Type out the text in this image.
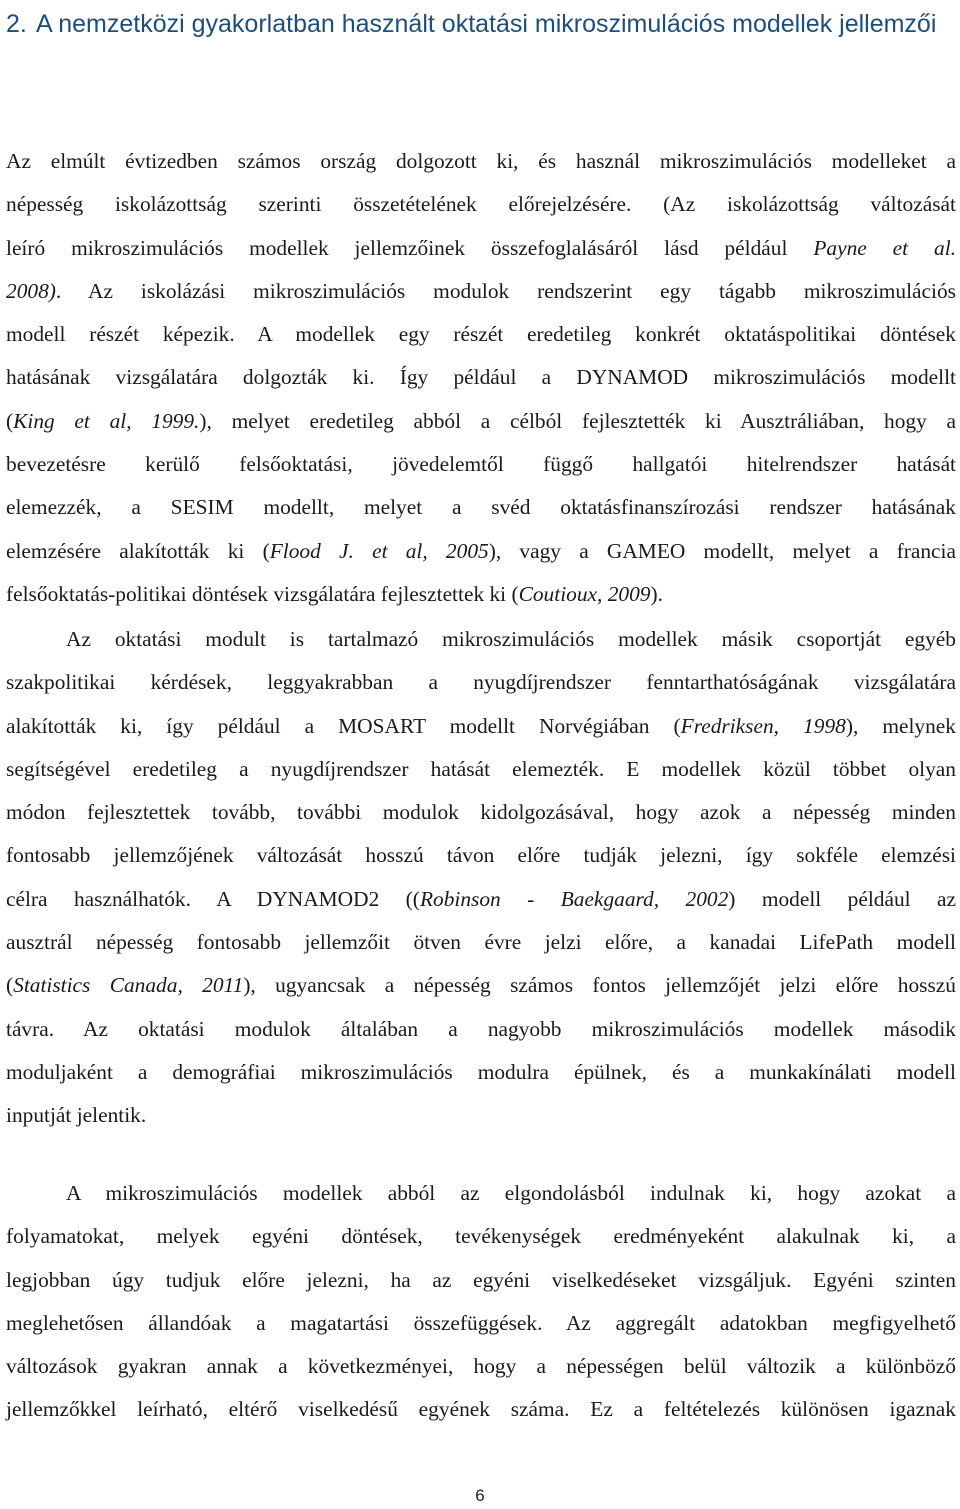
2. A nemzetközi gyakorlatban használt oktatási mikroszimulációs modellek jellemzői
Az elmúlt évtizedben számos ország dolgozott ki, és használ mikroszimulációs modelleket a
népesség iskolázottság szerinti összetételének előrejelzésére. (Az iskolázottság változását
leíró mikroszimulációs modellek jellemzőinek összefoglalásáról lásd például Payne et al.
2008). Az iskolázási mikroszimulációs modulok rendszerint egy tágabb mikroszimulációs
modell részét képezik. A modellek egy részét eredetileg konkrét oktatáspolitikai döntések
hatásának vizsgálatára dolgozták ki. Így például a DYNAMOD mikroszimulációs modellt
(King et al, 1999.), melyet eredetileg abból a célból fejlesztették ki Ausztráliában, hogy a
bevezetésre kerülő felsőoktatási, jövedelemtől függő hallgatói hitelrendszer hatását
elemezzék, a SESIM modellt, melyet a svéd oktatásfinanszírozási rendszer hatásának
elemzésére alakították ki (Flood J. et al, 2005), vagy a GAMEO modellt, melyet a francia
felsőoktatás-politikai döntések vizsgálatára fejlesztettek ki (Coutioux, 2009).
Az oktatási modult is tartalmazó mikroszimulációs modellek másik csoportját egyéb
szakpolitikai kérdések, leggyakrabban a nyugdíjrendszer fenntarthatóságának vizsgálatára
alakították ki, így például a MOSART modellt Norvégiában (Fredriksen, 1998), melynek
segítségével eredetileg a nyugdíjrendszer hatását elemezték. E modellek közül többet olyan
módon fejlesztettek tovább, további modulok kidolgozásával, hogy azok a népesség minden
fontosabb jellemzőjének változását hosszú távon előre tudják jelezni, így sokféle elemzési
célra használhatók. A DYNAMOD2 ((Robinson - Baekgaard, 2002) modell például az
ausztrál népesség fontosabb jellemzőit ötven évre jelzi előre, a kanadai LifePath modell
(Statistics Canada, 2011), ugyancsak a népesség számos fontos jellemzőjét jelzi előre hosszú
távra. Az oktatási modulok általában a nagyobb mikroszimulációs modellek második
moduljaként a demográfiai mikroszimulációs modulra épülnek, és a munkakínálati modell
inputját jelentik.
A mikroszimulációs modellek abból az elgondolásból indulnak ki, hogy azokat a
folyamatokat, melyek egyéni döntések, tevékenységek eredményeként alakulnak ki, a
legjobban úgy tudjuk előre jelezni, ha az egyéni viselkedéseket vizsgáljuk. Egyéni szinten
meglehetősen állandóak a magatartási összefüggések. Az aggregált adatokban megfigyelhető
változások gyakran annak a következményei, hogy a népességen belül változik a különböző
jellemzőkkel leírható, eltérő viselkedésű egyének száma. Ez a feltételezés különösen igaznak
6
